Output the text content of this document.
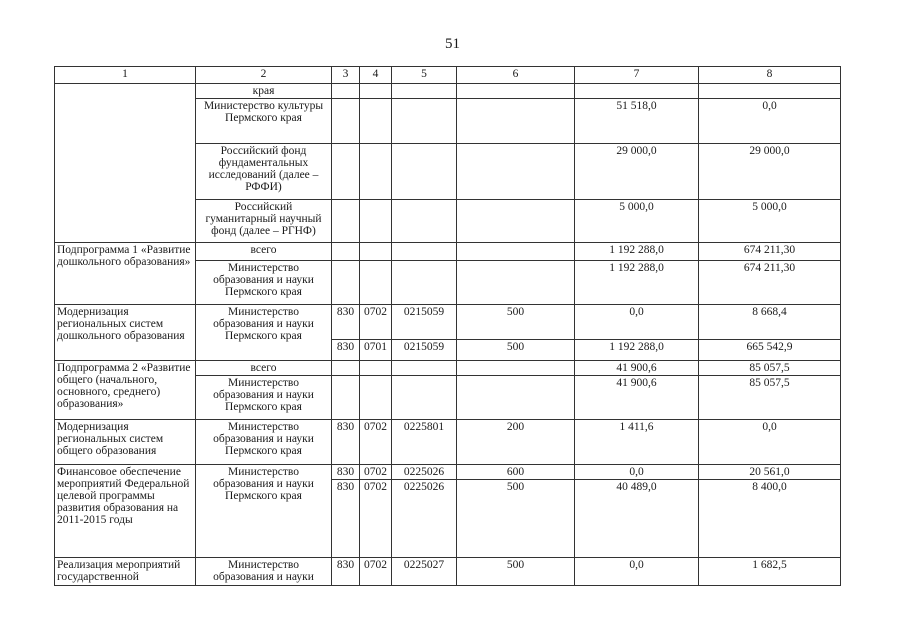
51
1	2	3	4	5	6	7	8
	края						
	Министерство культуры Пермского края					51 518,0	0,0
	Российский фонд фундаментальных исследований (далее – РФФИ)					29 000,0	29 000,0
	Российский гуманитарный научный фонд (далее – РГНФ)					5 000,0	5 000,0
Подпрограмма 1 «Развитие дошкольного образования»	всего					1 192 288,0	674 211,30
	Министерство образования и науки Пермского края					1 192 288,0	674 211,30
Модернизация региональных систем дошкольного образования	Министерство образования и науки Пермского края	830	0702	0215059	500	0,0	8 668,4
		830	0701	0215059	500	1 192 288,0	665 542,9
Подпрограмма 2 «Развитие общего (начального, основного, среднего) образования»	всего					41 900,6	85 057,5
	Министерство образования и науки Пермского края					41 900,6	85 057,5
Модернизация региональных систем общего образования	Министерство образования и науки Пермского края	830	0702	0225801	200	1 411,6	0,0
Финансовое обеспечение мероприятий Федеральной целевой программы развития образования на 2011-2015 годы	Министерство образования и науки Пермского края	830	0702	0225026	600	0,0	20 561,0
		830	0702	0225026	500	40 489,0	8 400,0
Реализация мероприятий государственной	Министерство образования и науки	830	0702	0225027	500	0,0	1 682,5
